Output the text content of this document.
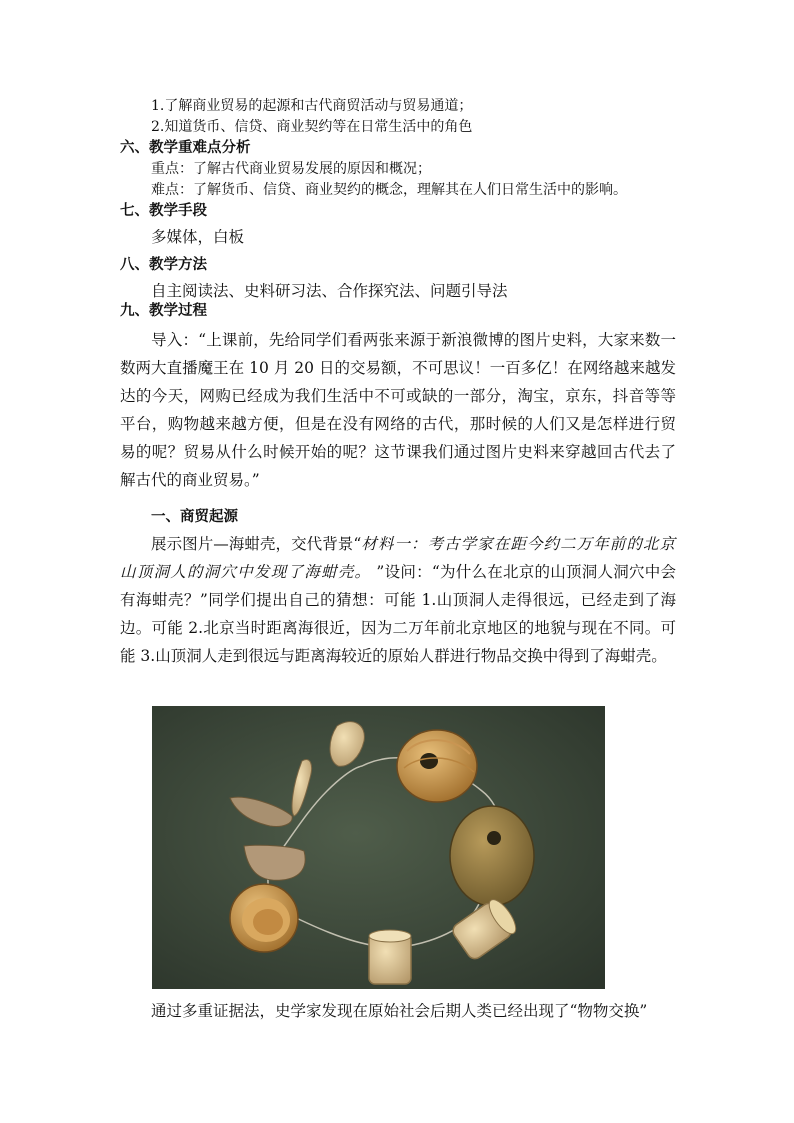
1.了解商业贸易的起源和古代商贸活动与贸易通道；
2.知道货币、信贷、商业契约等在日常生活中的角色
六、教学重难点分析
重点：了解古代商业贸易发展的原因和概况；
难点：了解货币、信贷、商业契约的概念，理解其在人们日常生活中的影响。
七、教学手段
多媒体，白板
八、教学方法
自主阅读法、史料研习法、合作探究法、问题引导法
九、教学过程
导入：“上课前，先给同学们看两张来源于新浪微博的图片史料，大家来数一数两大直播魔王在 10 月 20 日的交易额，不可思议！一百多亿！在网络越来越发达的今天，网购已经成为我们生活中不可或缺的一部分，淘宝，京东，抖音等等平台，购物越来越方便，但是在没有网络的古代，那时候的人们又是怎样进行贸易的呢？贸易从什么时候开始的呢？这节课我们通过图片史料来穿越回古代去了解古代的商业贸易。”
一、商贸起源
展示图片—海蚶壳，交代背景“材料一：考古学家在距今约二万年前的北京山顶洞人的洞穴中发现了海蚶壳。 ”设问：“为什么在北京的山顶洞人洞穴中会有海蚶壳？”同学们提出自己的猜想：可能 1.山顶洞人走得很远，已经走到了海边。可能 2.北京当时距离海很近，因为二万年前北京地区的地貌与现在不同。可能 3.山顶洞人走到很远与距离海较近的原始人群进行物品交换中得到了海蚶壳。
通过多重证据法，史学家发现在原始社会后期人类已经出现了“物物交换”
